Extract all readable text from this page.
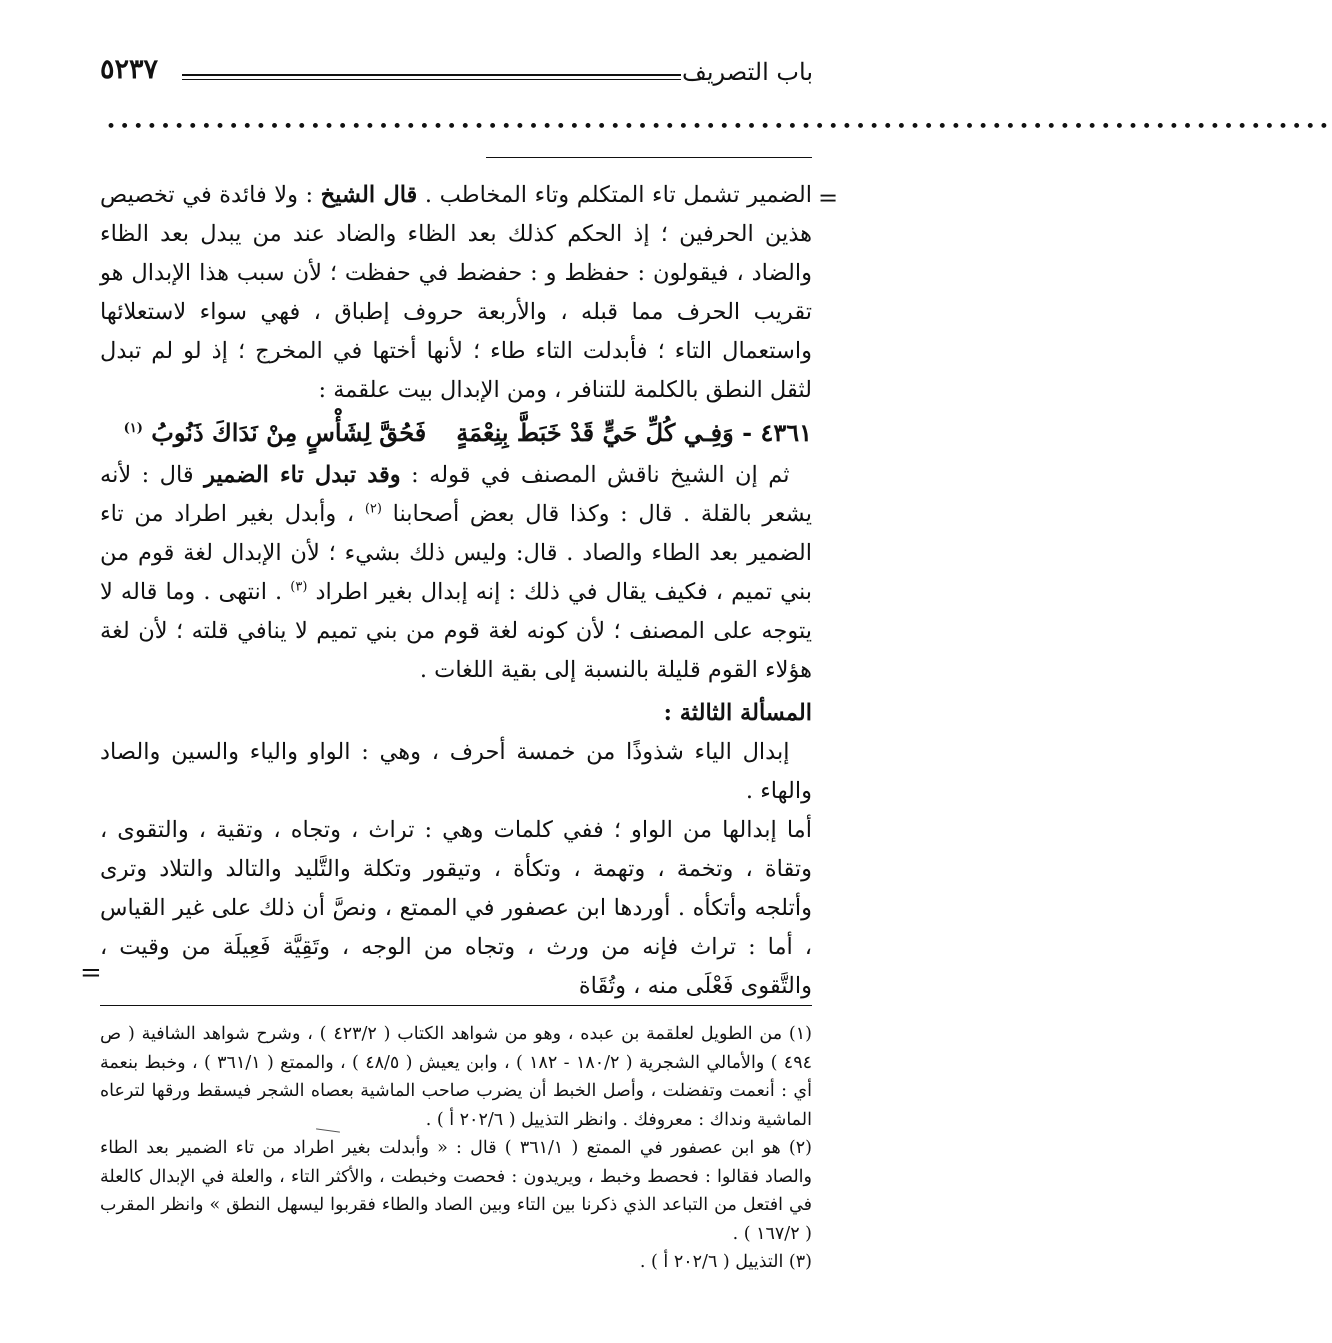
باب التصريف
٥٢٣٧
••••••••••••••••••••••••••••••••••••••••••••••••••••••••••••••••••••••••••••••••••••••••••
=

الضمير تشمل تاء المتكلم وتاء المخاطب . قال الشيخ : ولا فائدة في تخصيص هذين الحرفين ؛ إذ الحكم كذلك بعد الظاء والضاد عند من يبدل بعد الظاء والضاد ، فيقولون : حفظط و : حفضط في حفظت ؛ لأن سبب هذا الإبدال هو تقريب الحرف مما قبله ، والأربعة حروف إطباق ، فهي سواء لاستعلائها واستعمال التاء ؛ فأبدلت التاء طاء ؛ لأنها أختها في المخرج ؛ إذ لو لم تبدل لثقل النطق بالكلمة للتنافر ، ومن الإبدال بيت علقمة :

٤٣٦١ - وَفِـي كُلِّ حَيٍّ قَدْ خَبَطَّ بِنِعْمَةٍفَحُقَّ لِشَأْسٍ مِنْ نَدَاكَ ذَنُوبُ $^{(١)}$

 ثم إن الشيخ ناقش المصنف في قوله : وقد تبدل تاء الضمير قال : لأنه يشعر بالقلة . قال : وكذا قال بعض أصحابنا $^{(٢)}$ ، وأبدل بغير اطراد من تاء الضمير بعد الطاء والصاد . قال: وليس ذلك بشيء ؛ لأن الإبدال لغة قوم من بني تميم ، فكيف يقال في ذلك : إنه إبدال بغير اطراد $^{(٣)}$ . انتهى . وما قاله لا يتوجه على المصنف ؛ لأن كونه لغة قوم من بني تميم لا ينافي قلته ؛ لأن لغة هؤلاء القوم قليلة بالنسبة إلى بقية اللغات .

المسألة الثالثة :

 إبدال الياء شذوذًا من خمسة أحرف ، وهي : الواو والياء والسين والصاد والهاء .

أما إبدالها من الواو ؛ ففي كلمات وهي : تراث ، وتجاه ، وتقية ، والتقوى ، وتقاة ، وتخمة ، وتهمة ، وتكأة ، وتيقور وتكلة والتَّليد والتالد والتلاد وترى وأتلجه وأتكأه . أوردها ابن عصفور في الممتع ، ونصَّ أن ذلك على غير القياس ، أما : تراث فإنه من ورث ، وتجاه من الوجه ، وتَقِيَّة فَعِيلَة من وقيت ، والتَّقوى فَعْلَى منه ، وتُقَاة

=

(١) من الطويل لعلقمة بن عبده ، وهو من شواهد الكتاب ( ٤٢٣/٢ ) ، وشرح شواهد الشافية ( ص ٤٩٤ ) والأمالي الشجرية ( ١٨٠/٢ - ١٨٢ ) ، وابن يعيش ( ٤٨/٥ ) ، والممتع ( ٣٦١/١ ) ، وخبط بنعمة أي : أنعمت وتفضلت ، وأصل الخبط أن يضرب صاحب الماشية بعصاه الشجر فيسقط ورقها لترعاه الماشية ونداك : معروفك . وانظر التذييل ( ٢٠٢/٦ أ ) .

(٢) هو ابن عصفور في الممتع ( ٣٦١/١ ) قال : « وأبدلت بغير اطراد من تاء الضمير بعد الطاء والصاد فقالوا : فحصط وخبط ، ويريدون : فحصت وخبطت ، والأكثر التاء ، والعلة في الإبدال كالعلة في افتعل من التباعد الذي ذكرنا بين التاء وبين الصاد والطاء فقربوا ليسهل النطق » وانظر المقرب ( ١٦٧/٢ ) .

(٣) التذييل ( ٢٠٢/٦ أ ) .
